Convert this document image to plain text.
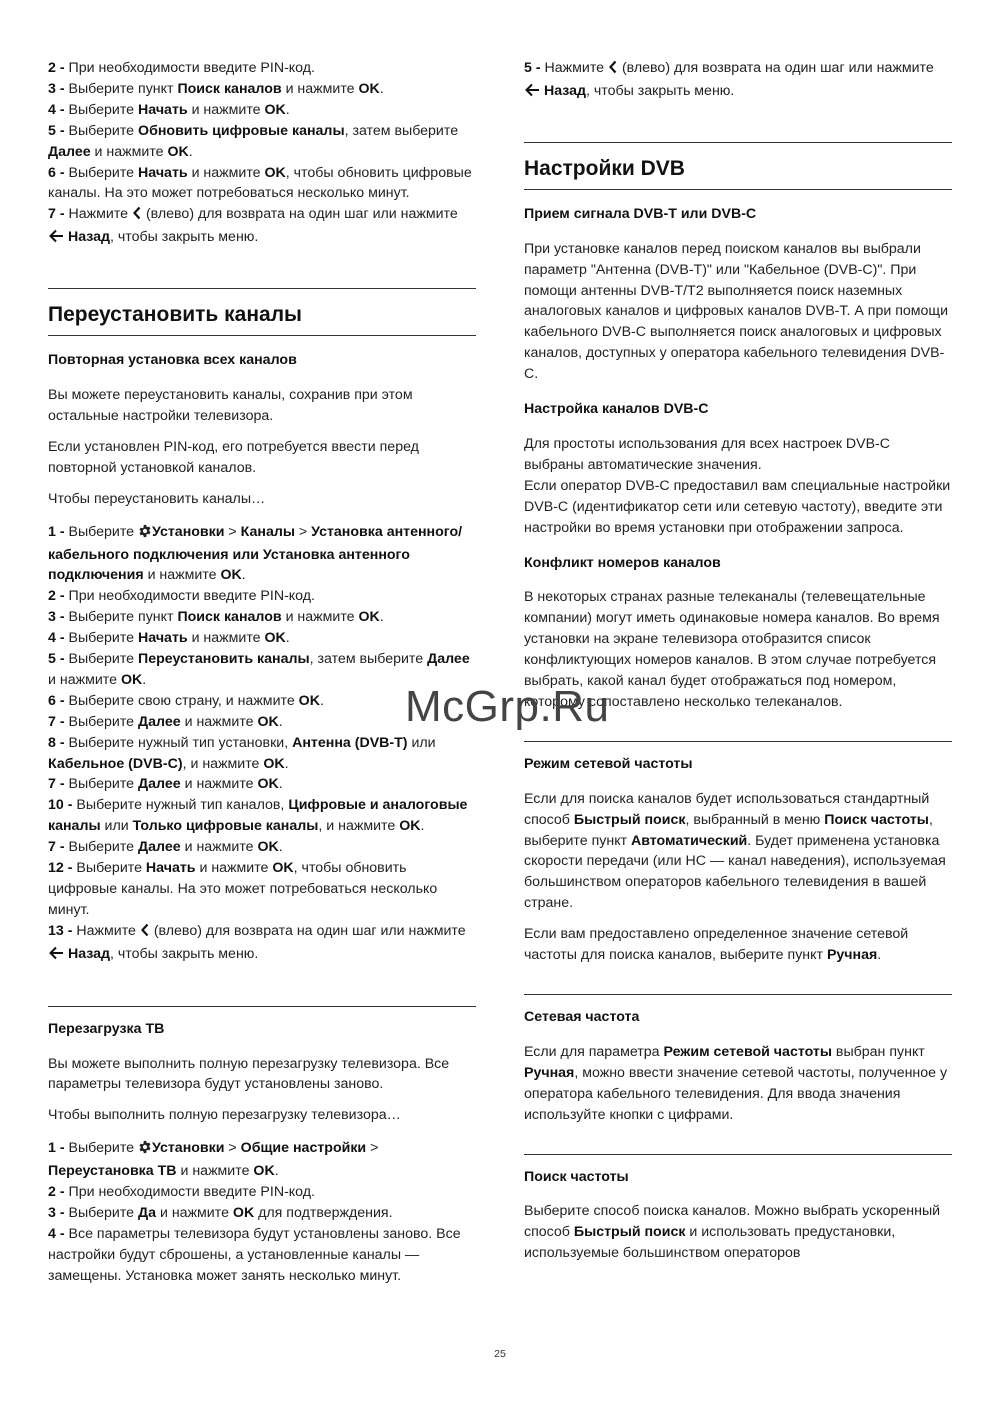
2 - При необходимости введите PIN-код.

3 - Выберите пункт Поиск каналов и нажмите OK.

4 - Выберите Начать и нажмите OK.

5 - Выберите Обновить цифровые каналы, затем выберите Далее и нажмите OK.

6 - Выберите Начать и нажмите OK, чтобы обновить цифровые каналы. На это может потребоваться несколько минут.

7 - Нажмите  (влево) для возврата на один шаг или нажмите  Назад, чтобы закрыть меню.

Переустановить каналы
Повторная установка всех каналов

Вы можете переустановить каналы, сохранив при этом остальные настройки телевизора.

Если установлен PIN-код, его потребуется ввести перед повторной установкой каналов.

Чтобы переустановить каналы…

1 - Выберите Установки > Каналы > Установка антенного/кабельного подключения или Установка антенного подключения и нажмите OK.

2 - При необходимости введите PIN-код.

3 - Выберите пункт Поиск каналов и нажмите OK.

4 - Выберите Начать и нажмите OK.

5 - Выберите Переустановить каналы, затем выберите Далее и нажмите OK.

6 - Выберите свою страну, и нажмите OK.

7 - Выберите Далее и нажмите OK.

8 - Выберите нужный тип установки, Антенна (DVB-T) или Кабельное (DVB-C), и нажмите OK.

7 - Выберите Далее и нажмите OK.

10 - Выберите нужный тип каналов, Цифровые и аналоговые каналы или Только цифровые каналы, и нажмите OK.

7 - Выберите Далее и нажмите OK.

12 - Выберите Начать и нажмите OK, чтобы обновить цифровые каналы. На это может потребоваться несколько минут.

13 - Нажмите  (влево) для возврата на один шаг или нажмите  Назад, чтобы закрыть меню.

Перезагрузка ТВ

Вы можете выполнить полную перезагрузку телевизора. Все параметры телевизора будут установлены заново.

Чтобы выполнить полную перезагрузку телевизора…

1 - Выберите Установки > Общие настройки > Переустановка ТВ и нажмите OK.

2 - При необходимости введите PIN-код.

3 - Выберите Да и нажмите OK для подтверждения.

4 - Все параметры телевизора будут установлены заново. Все настройки будут сброшены, а установленные каналы — замещены. Установка может занять несколько минут.

5 - Нажмите  (влево) для возврата на один шаг или нажмите  Назад, чтобы закрыть меню.

Настройки DVB
Прием сигнала DVB-T или DVB-C

При установке каналов перед поиском каналов вы выбрали параметр "Антенна (DVB-T)" или "Кабельное (DVB-C)". При помощи антенны DVB-T/T2 выполняется поиск наземных аналоговых каналов и цифровых каналов DVB-T. А при помощи кабельного DVB-C выполняется поиск аналоговых и цифровых каналов, доступных у оператора кабельного телевидения DVB-C.

Настройка каналов DVB-C

Для простоты использования для всех настроек DVB-C выбраны автоматические значения.
Если оператор DVB-C предоставил вам специальные настройки DVB-C (идентификатор сети или сетевую частоту), введите эти настройки во время установки при отображении запроса.

Конфликт номеров каналов

В некоторых странах разные телеканалы (телевещательные компании) могут иметь одинаковые номера каналов. Во время установки на экране телевизора отобразится список конфликтующих номеров каналов. В этом случае потребуется выбрать, какой канал будет отображаться под номером, которому сопоставлено несколько телеканалов.

Режим сетевой частоты

Если для поиска каналов будет использоваться стандартный способ Быстрый поиск, выбранный в меню Поиск частоты, выберите пункт Автоматический. Будет применена установка скорости передачи (или НС — канал наведения), используемая большинством операторов кабельного телевидения в вашей стране.

Если вам предоставлено определенное значение сетевой частоты для поиска каналов, выберите пункт Ручная.

Сетевая частота

Если для параметра Режим сетевой частоты выбран пункт Ручная, можно ввести значение сетевой частоты, полученное у оператора кабельного телевидения. Для ввода значения используйте кнопки с цифрами.

Поиск частоты

Выберите способ поиска каналов. Можно выбрать ускоренный способ Быстрый поиск и использовать предустановки, используемые большинством операторов

McGrp.Ru
25
